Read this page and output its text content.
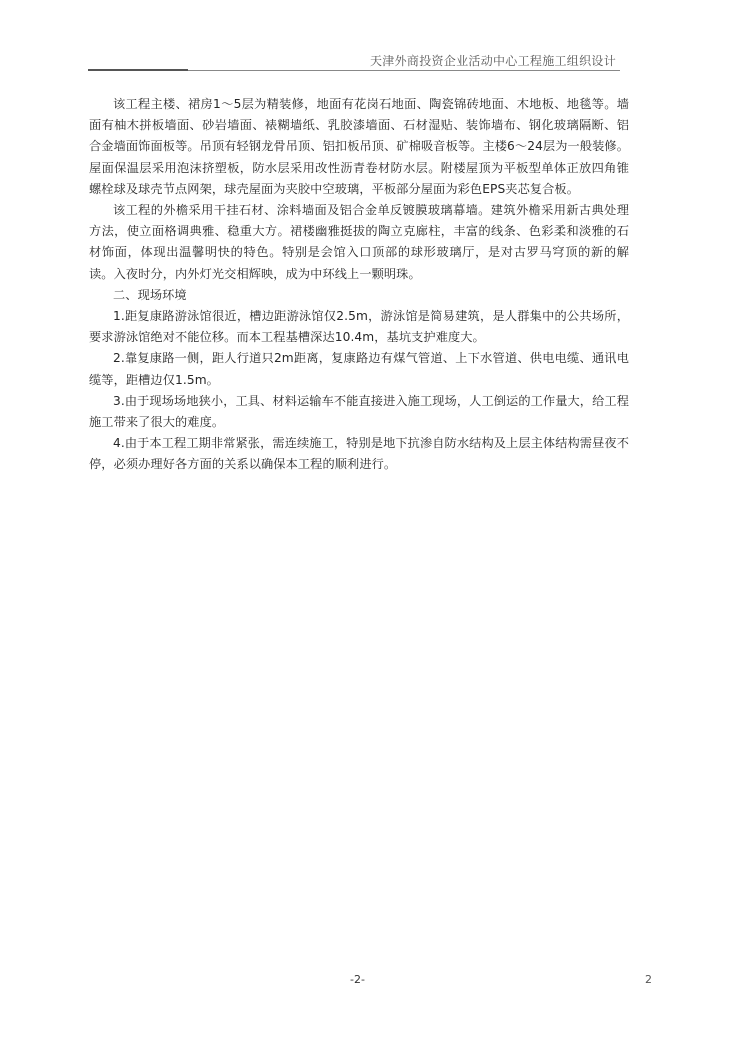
天津外商投资企业活动中心工程施工组织设计

该工程主楼、裙房1～5层为精装修，地面有花岗石地面、陶瓷锦砖地面、木地板、地毯等。墙面有柚木拼板墙面、砂岩墙面、裱糊墙纸、乳胶漆墙面、石材湿贴、装饰墙布、钢化玻璃隔断、铝合金墙面饰面板等。吊顶有轻钢龙骨吊顶、铝扣板吊顶、矿棉吸音板等。主楼6～24层为一般装修。屋面保温层采用泡沫挤塑板，防水层采用改性沥青卷材防水层。附楼屋顶为平板型单体正放四角锥螺栓球及球壳节点网架，球壳屋面为夹胶中空玻璃，平板部分屋面为彩色EPS夹芯复合板。

该工程的外檐采用干挂石材、涂料墙面及铝合金单反镀膜玻璃幕墙。建筑外檐采用新古典处理方法，使立面格调典雅、稳重大方。裙楼幽雅挺拔的陶立克廊柱，丰富的线条、色彩柔和淡雅的石材饰面，体现出温馨明快的特色。特别是会馆入口顶部的球形玻璃厅，是对古罗马穹顶的新的解读。入夜时分，内外灯光交相辉映，成为中环线上一颗明珠。

二、现场环境

1.距复康路游泳馆很近，槽边距游泳馆仅2.5m，游泳馆是简易建筑，是人群集中的公共场所，要求游泳馆绝对不能位移。而本工程基槽深达10.4m，基坑支护难度大。

2.靠复康路一侧，距人行道只2m距离，复康路边有煤气管道、上下水管道、供电电缆、通讯电缆等，距槽边仅1.5m。

3.由于现场场地狭小，工具、材料运输车不能直接进入施工现场，人工倒运的工作量大，给工程施工带来了很大的难度。

4.由于本工程工期非常紧张，需连续施工，特别是地下抗渗自防水结构及上层主体结构需昼夜不停，必须办理好各方面的关系以确保本工程的顺利进行。

-2-	2
